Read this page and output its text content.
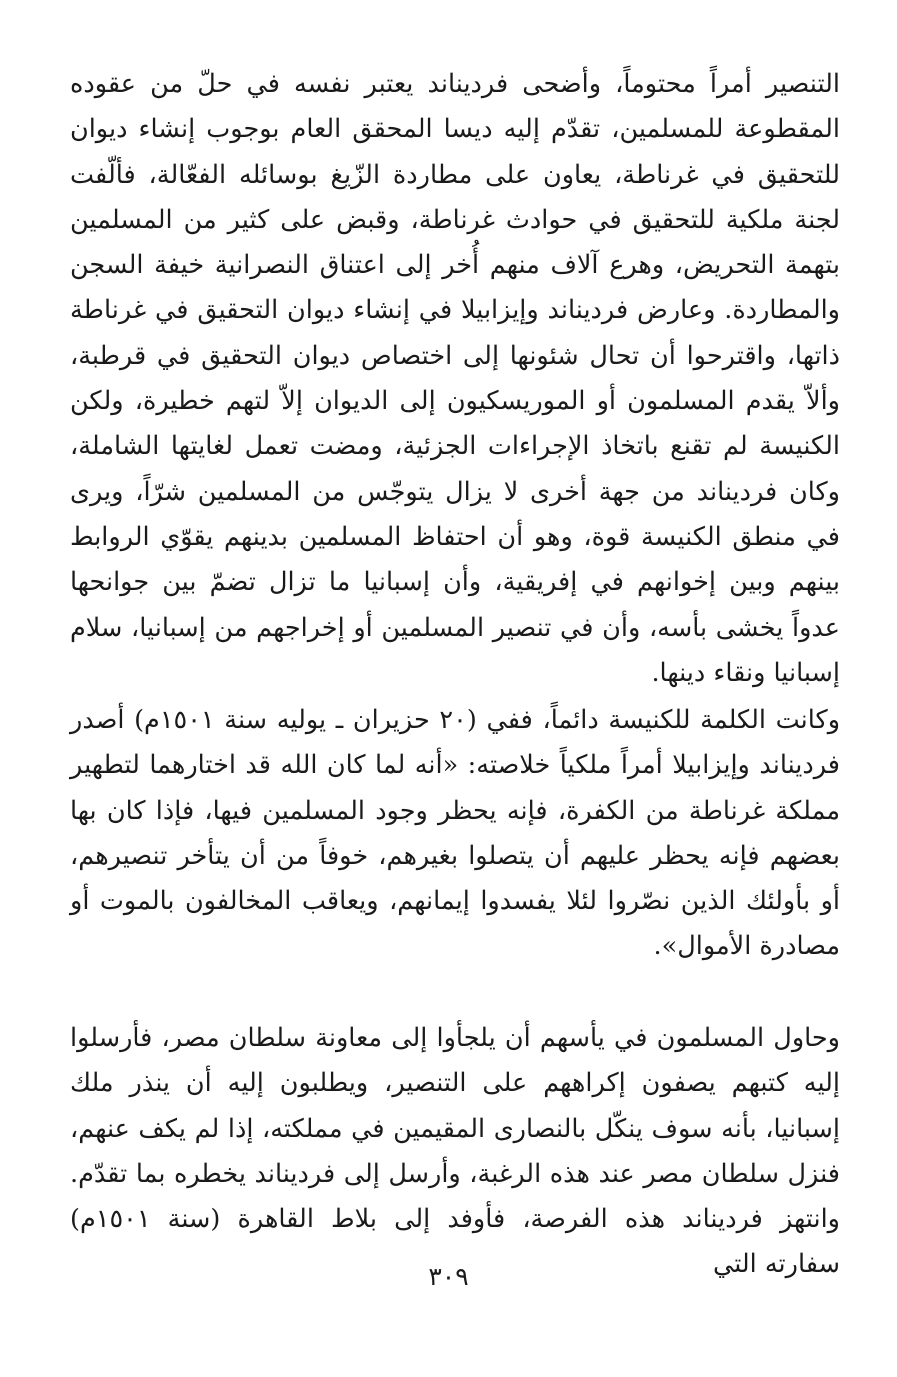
التنصير أمراً محتوماً، وأضحى فرديناند يعتبر نفسه في حلّ من عقوده المقطوعة للمسلمين، تقدّم إليه ديسا المحقق العام بوجوب إنشاء ديوان للتحقيق في غرناطة، يعاون على مطاردة الزّيغ بوسائله الفعّالة، فألّفت لجنة ملكية للتحقيق في حوادث غرناطة، وقبض على كثير من المسلمين بتهمة التحريض، وهرع آلاف منهم أُخر إلى اعتناق النصرانية خيفة السجن والمطاردة. وعارض فرديناند وإيزابيلا في إنشاء ديوان التحقيق في غرناطة ذاتها، واقترحوا أن تحال شئونها إلى اختصاص ديوان التحقيق في قرطبة، وألاّ يقدم المسلمون أو الموريسكيون إلى الديوان إلاّ لتهم خطيرة، ولكن الكنيسة لم تقنع باتخاذ الإجراءات الجزئية، ومضت تعمل لغايتها الشاملة، وكان فرديناند من جهة أخرى لا يزال يتوجّس من المسلمين شرّاً، ويرى في منطق الكنيسة قوة، وهو أن احتفاظ المسلمين بدينهم يقوّي الروابط بينهم وبين إخوانهم في إفريقية، وأن إسبانيا ما تزال تضمّ بين جوانحها عدواً يخشى بأسه، وأن في تنصير المسلمين أو إخراجهم من إسبانيا، سلام إسبانيا ونقاء دينها.

وكانت الكلمة للكنيسة دائماً، ففي (٢٠ حزيران ـ يوليه سنة ١٥٠١م) أصدر فرديناند وإيزابيلا أمراً ملكياً خلاصته: «أنه لما كان الله قد اختارهما لتطهير مملكة غرناطة من الكفرة، فإنه يحظر وجود المسلمين فيها، فإذا كان بها بعضهم فإنه يحظر عليهم أن يتصلوا بغيرهم، خوفاً من أن يتأخر تنصيرهم، أو بأولئك الذين نصّروا لئلا يفسدوا إيمانهم، ويعاقب المخالفون بالموت أو مصادرة الأموال».

وحاول المسلمون في يأسهم أن يلجأوا إلى معاونة سلطان مصر، فأرسلوا إليه كتبهم يصفون إكراههم على التنصير، ويطلبون إليه أن ينذر ملك إسبانيا، بأنه سوف ينكّل بالنصارى المقيمين في مملكته، إذا لم يكف عنهم، فنزل سلطان مصر عند هذه الرغبة، وأرسل إلى فرديناند يخطره بما تقدّم. وانتهز فرديناند هذه الفرصة، فأوفد إلى بلاط القاهرة (سنة ١٥٠١م) سفارته التي

٣٠٩
